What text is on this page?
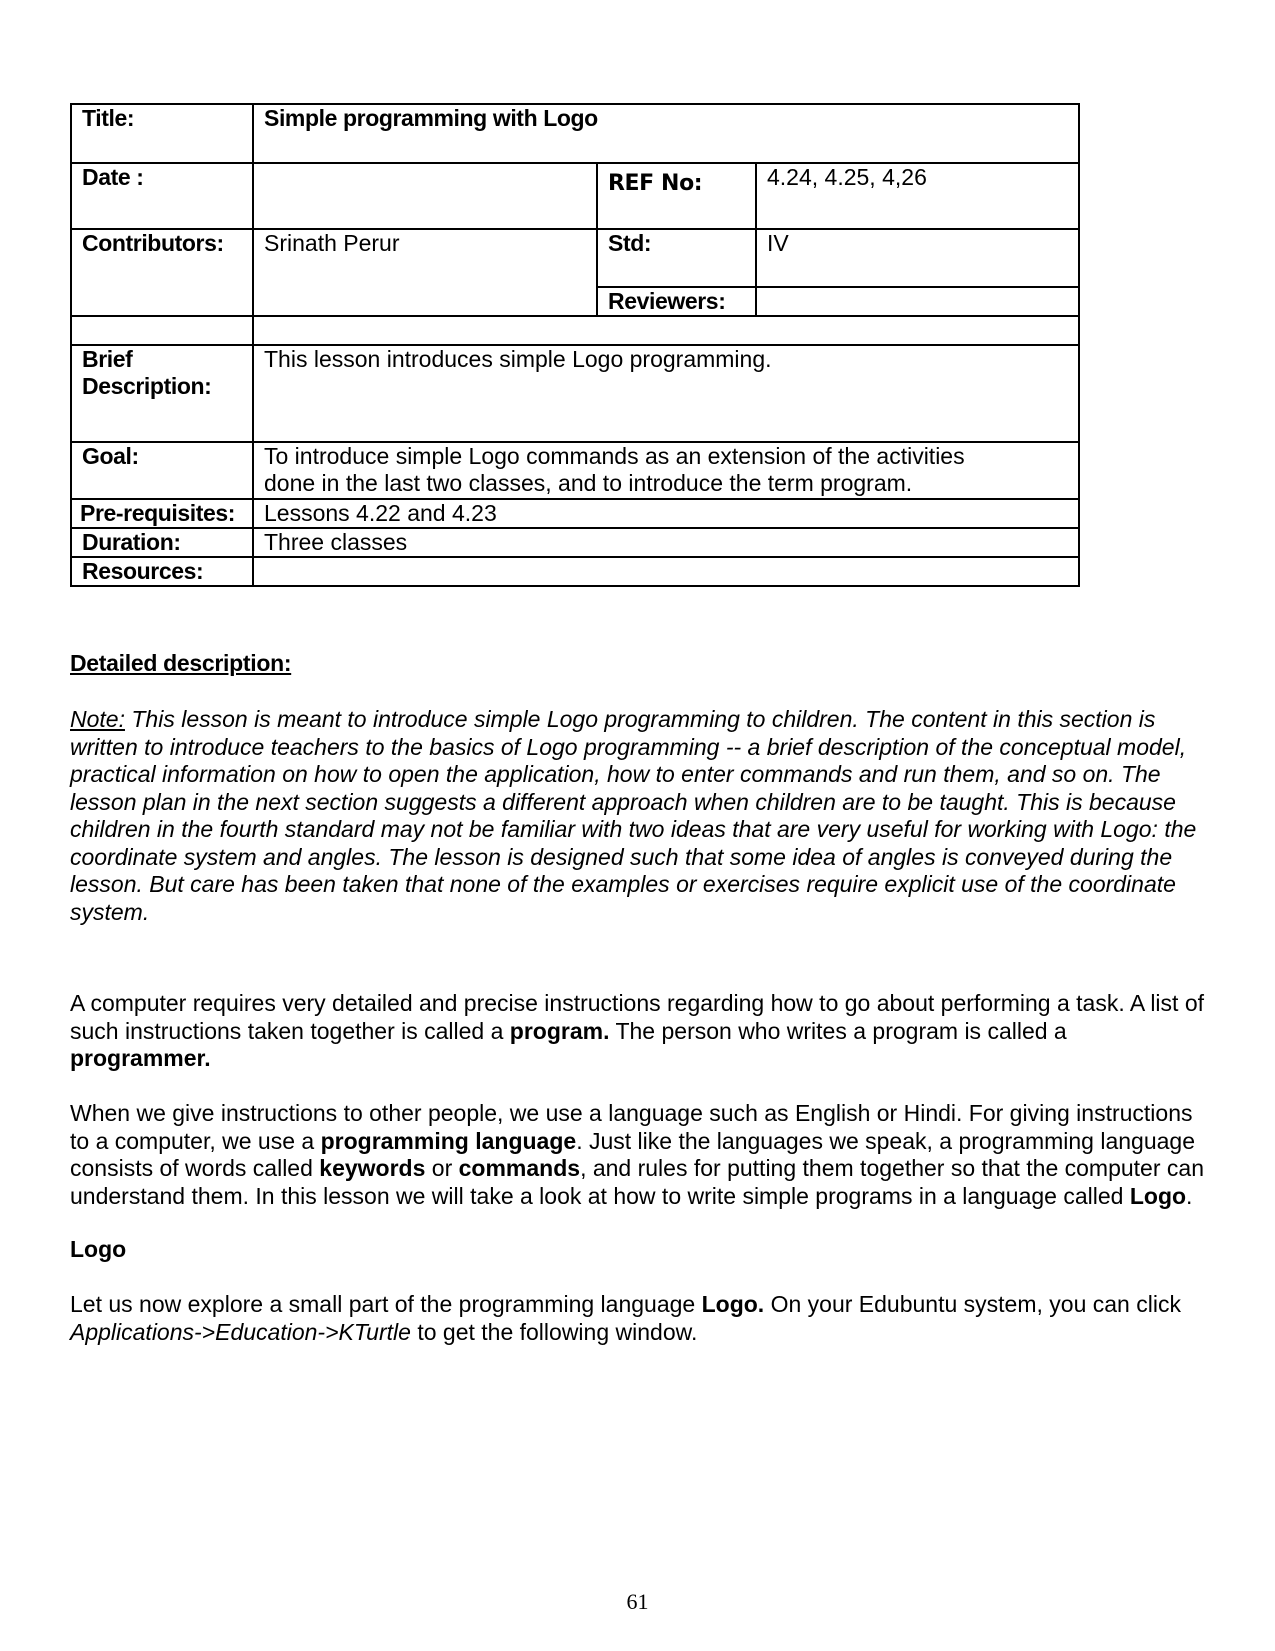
Title:	Simple programming with Logo		
Date :		REF No:	4.24, 4.25, 4,26
Contributors:	Srinath Perur	Std:	IV
		Reviewers:	

Brief
Description:	This lesson introduces simple Logo programming.		
Goal:	To introduce simple Logo commands as an extension of the activities
done in the last two classes, and to introduce the term program.		

Pre-requisites:	Lessons 4.22 and 4.23		
Duration:	Three classes		
Resources:			
Detailed description:
Note: This lesson is meant to introduce simple Logo programming to children. The content in this section is written to introduce teachers to the basics of Logo programming -- a brief description of the conceptual model, practical information on how to open the application, how to enter commands and run them, and so on. The lesson plan in the next section suggests a different approach when children are to be taught. This is because children in the fourth standard may not be familiar with two ideas that are very useful for working with Logo: the coordinate system and angles. The lesson is designed such that some idea of angles is conveyed during the lesson. But care has been taken that none of the examples or exercises require explicit use of the coordinate system.
A computer requires very detailed and precise instructions regarding how to go about performing a task. A list of such instructions taken together is called a program. The person who writes a program is called a programmer.
When we give instructions to other people, we use a language such as English or Hindi. For giving instructions to a computer, we use a programming language. Just like the languages we speak, a programming language consists of words called keywords or commands, and rules for putting them together so that the computer can understand them. In this lesson we will take a look at how to write simple programs in a language called Logo.
Logo
Let us now explore a small part of the programming language Logo. On your Edubuntu system, you can click Applications->Education->KTurtle to get the following window.
61
